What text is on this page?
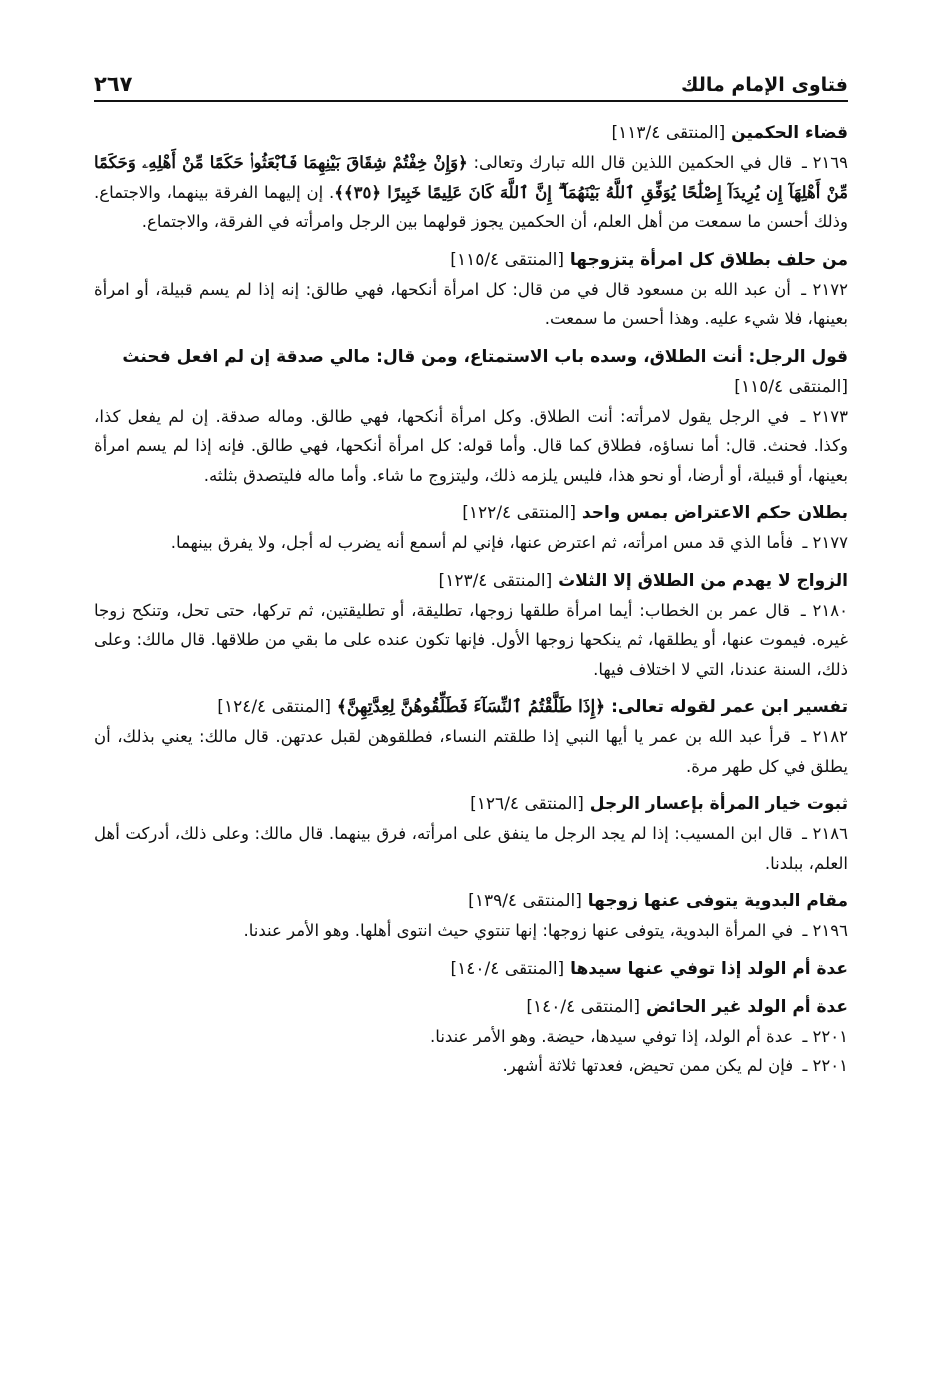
فتاوى الإمام مالك
٢٦٧

قضاء الحكمين [المنتقى ١١٣/٤]

٢١٦٩ ـ قال في الحكمين اللذين قال الله تبارك وتعالى: ﴿وَإِنْ خِفْتُمْ شِقَاقَ بَيْنِهِمَا فَٱبْعَثُوا۟ حَكَمًا مِّنْ أَهْلِهِۦ وَحَكَمًا مِّنْ أَهْلِهَآ إِن يُرِيدَآ إِصْلَٰحًا يُوَفِّقِ ٱللَّهُ بَيْنَهُمَآ ۗ إِنَّ ٱللَّهَ كَانَ عَلِيمًا خَبِيرًا ﴿٣٥﴾﴾. إن إليهما الفرقة بينهما، والاجتماع. وذلك أحسن ما سمعت من أهل العلم، أن الحكمين يجوز قولهما بين الرجل وامرأته في الفرقة، والاجتماع.

من حلف بطلاق كل امرأة يتزوجها [المنتقى ١١٥/٤]

٢١٧٢ ـ أن عبد الله بن مسعود قال في من قال: كل امرأة أنكحها، فهي طالق: إنه إذا لم يسم قبيلة، أو امرأة بعينها، فلا شيء عليه. وهذا أحسن ما سمعت.

قول الرجل: أنت الطلاق، وسده باب الاستمتاع، ومن قال: مالي صدقة إن لم افعل فحنث [المنتقى ١١٥/٤]

٢١٧٣ ـ في الرجل يقول لامرأته: أنت الطلاق. وكل امرأة أنكحها، فهي طالق. وماله صدقة. إن لم يفعل كذا، وكذا. فحنث. قال: أما نساؤه، فطلاق كما قال. وأما قوله: كل امرأة أنكحها، فهي طالق. فإنه إذا لم يسم امرأة بعينها، أو قبيلة، أو أرضا، أو نحو هذا، فليس يلزمه ذلك، وليتزوج ما شاء. وأما ماله فليتصدق بثلثه.

بطلان حكم الاعتراض بمس واحد [المنتقى ١٢٢/٤]

٢١٧٧ ـ فأما الذي قد مس امرأته، ثم اعترض عنها، فإني لم أسمع أنه يضرب له أجل، ولا يفرق بينهما.

الزواج لا يهدم من الطلاق إلا الثلاث [المنتقى ١٢٣/٤]

٢١٨٠ ـ قال عمر بن الخطاب: أيما امرأة طلقها زوجها، تطليقة، أو تطليقتين، ثم تركها، حتى تحل، وتنكح زوجا غيره. فيموت عنها، أو يطلقها، ثم ينكحها زوجها الأول. فإنها تكون عنده على ما بقي من طلاقها. قال مالك: وعلى ذلك، السنة عندنا، التي لا اختلاف فيها.

تفسير ابن عمر لقوله تعالى: ﴿إِذَا طَلَّقْتُمُ ٱلنِّسَآءَ فَطَلِّقُوهُنَّ لِعِدَّتِهِنَّ﴾ [المنتقى ١٢٤/٤]

٢١٨٢ ـ قرأ عبد الله بن عمر يا أيها النبي إذا طلقتم النساء، فطلقوهن لقبل عدتهن. قال مالك: يعني بذلك، أن يطلق في كل طهر مرة.

ثبوت خيار المرأة بإعسار الرجل [المنتقى ١٢٦/٤]

٢١٨٦ ـ قال ابن المسيب: إذا لم يجد الرجل ما ينفق على امرأته، فرق بينهما. قال مالك: وعلى ذلك، أدركت أهل العلم، ببلدنا.

مقام البدوية يتوفى عنها زوجها [المنتقى ١٣٩/٤]

٢١٩٦ ـ في المرأة البدوية، يتوفى عنها زوجها: إنها تنتوي حيث انتوى أهلها. وهو الأمر عندنا.

عدة أم الولد إذا توفي عنها سيدها [المنتقى ١٤٠/٤]

عدة أم الولد غير الحائض [المنتقى ١٤٠/٤]

٢٢٠١ ـ عدة أم الولد، إذا توفي سيدها، حيضة. وهو الأمر عندنا.

٢٢٠١ ـ فإن لم يكن ممن تحيض، فعدتها ثلاثة أشهر.
